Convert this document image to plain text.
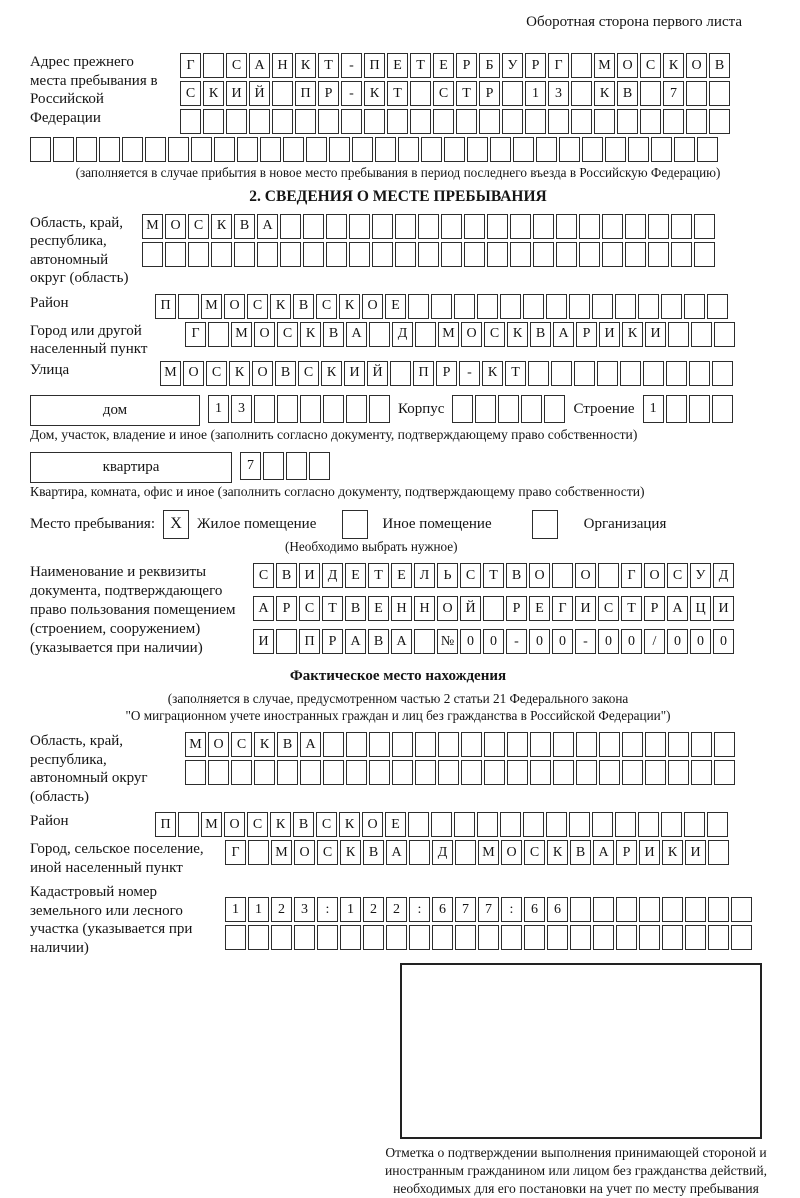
Оборотная сторона первого листа
Адрес прежнего места пребывания в Российской Федерации
Г	С А Н К	Т	-	П Е	Т	Е	Р	Б	У	Р	Г	М О С К О В
С К И Й	П	Р	-	К	Т	С	Т	Р	1	3	К В	7
(заполняется в случае прибытия в новое место пребывания в период последнего въезда в Российскую Федерацию)
2. СВЕДЕНИЯ О МЕСТЕ ПРЕБЫВАНИЯ
Область, край, республика, автономный округ (область)
М О С К В А
Район	П	М О С К В С К О Е
Город или другой населенный пункт
Г	М О С К В А	Д	М О С К В А	Р	И К И
Улица	М О С К О В С К И Й	П	Р	-	К	Т
дом	1	3	Корпус	Строение	1
Дом, участок, владение и иное (заполнить согласно документу, подтверждающему право собственности)
квартира	7
Квартира, комната, офис и иное (заполнить согласно документу, подтверждающему право собственности)
Место пребывания: X	Жилое помещение	Иное помещение	Организация
(Необходимо выбрать нужное)
Наименование и реквизиты документа, подтверждающего право пользования помещением (строением, сооружением) (указывается при наличии)
С В И Д Е	Т	Е Л	Ь	С	Т	В О	О	Г О С У Д
А	Р	С	Т	В	Е Н Н О Й	Р	Е	Г И С	Т	Р	А Ц И
И	П	Р	А В А	№ 0	0	-	0	0	-	0	0	/	0	0	0
Фактическое место нахождения
(заполняется в случае, предусмотренном частью 2 статьи 21 Федерального закона
"О миграционном учете иностранных граждан и лиц без гражданства в Российской Федерации")
Область, край, республика, автономный округ (область)
М О С К В А
Район	П	М О С К В С К О Е
Город, сельское поселение, иной населенный пункт
Г	М О С К В А	Д	М О С К В А	Р	И К И
Кадастровый номер земельного или лесного участка (указывается при наличии)
1	1	2	3	:	1	2	2	:	6	7	7	:	6	6
Отметка о подтверждении выполнения принимающей стороной и иностранным гражданином или лицом без гражданства действий, необходимых для его постановки на учет по месту пребывания
